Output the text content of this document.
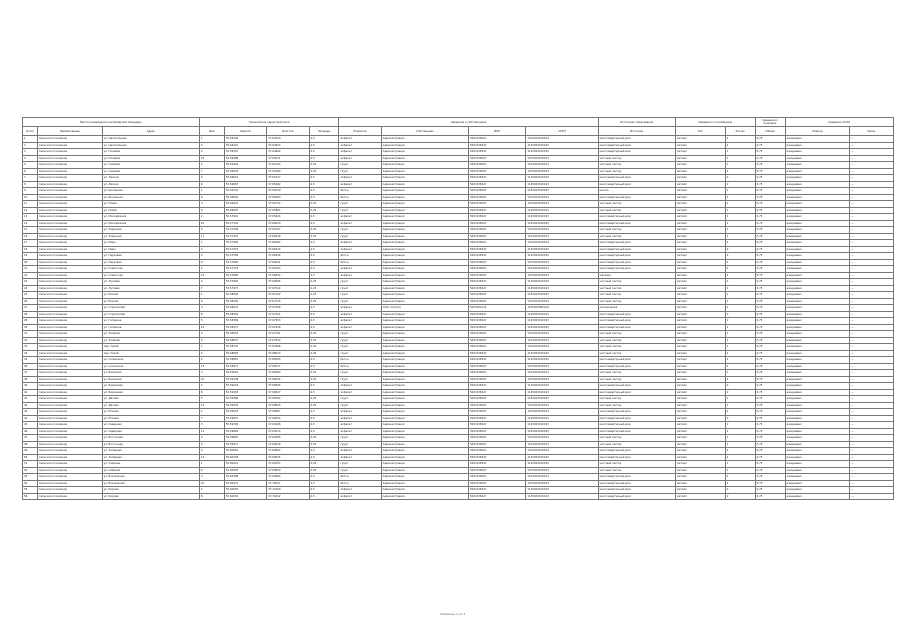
Место размещения контейнерной площадки			Технические характеристики				Сведения о собственнике				Источники образования	Сведения о контейнерах		Сведения о бункерах	Сведения об ЕО	
№ п/п	Наименование	Адрес	Дом	Широта	Долгота	Площадь	Покрытие	Собственник	ИНН	ОГРН	Источник	Тип	Кол-во	Объём	Период	Прим.
1	Сельское поселение	ул. Центральная	1	55.56125	37.64720	4,5	асфальт	Администрация	5003138447	1125003010193	многоквартирный дом	металл	2	0,75	ежедневно	—
2	Сельское поселение	ул. Центральная	3	55.56210	37.64813	4,5	асфальт	Администрация	5003138447	1125003010193	многоквартирный дом	металл	2	0,75	ежедневно	—
3	Сельское поселение	ул. Полевая	5	55.56307	37.64902	4,5	асфальт	Администрация	5003138447	1125003010193	многоквартирный дом	металл	1	0,75	ежедневно	—
4	Сельское поселение	ул. Полевая	12	55.56388	37.65011	4,5	асфальт	Администрация	5003138447	1125003010193	частный сектор	металл	1	0,75	ежедневно	—
5	Сельское поселение	ул. Садовая	2	55.56444	37.65124	2,25	грунт	Администрация	5003138447	1125003010193	частный сектор	металл	1	0,75	ежедневно	—
6	Сельское поселение	ул. Садовая	7	55.56519	37.65208	2,25	грунт	Администрация	5003138447	1125003010193	частный сектор	металл	1	0,75	ежедневно	—
7	Сельское поселение	ул. Лесная	4	55.56601	37.65317	4,5	асфальт	Администрация	5003138447	1125003010193	многоквартирный дом	металл	2	0,75	ежедневно	—
8	Сельское поселение	ул. Лесная	9	55.56687	37.65402	4,5	асфальт	Администрация	5003138447	1125003010193	многоквартирный дом	металл	2	0,75	ежедневно	—
9	Сельское поселение	ул. Школьная	1	55.56742	37.65519	4,5	бетон	Администрация	5003138447	1125003010193	школа	металл	1	0,75	ежедневно	—
10	Сельское поселение	ул. Школьная	6	55.56826	37.65603	4,5	бетон	Администрация	5003138447	1125003010193	многоквартирный дом	металл	2	0,75	ежедневно	—
11	Сельское поселение	ул. Новая	3	55.56914	37.65712	2,25	грунт	Администрация	5003138447	1125003010193	частный сектор	металл	1	0,75	ежедневно	—
12	Сельское поселение	ул. Новая	8	55.56997	37.65801	2,25	грунт	Администрация	5003138447	1125003010193	частный сектор	металл	1	0,75	ежедневно	—
13	Сельское поселение	ул. Молодёжная	2	55.57061	37.65924	4,5	асфальт	Администрация	5003138447	1125003010193	многоквартирный дом	металл	2	0,75	ежедневно	—
14	Сельское поселение	ул. Молодёжная	10	55.57142	37.66013	4,5	асфальт	Администрация	5003138447	1125003010193	многоквартирный дом	металл	2	0,75	ежедневно	—
15	Сельское поселение	ул. Заречная	5	55.57228	37.66107	2,25	грунт	Администрация	5003138447	1125003010193	частный сектор	металл	1	0,75	ежедневно	—
16	Сельское поселение	ул. Заречная	11	55.57310	37.66218	2,25	грунт	Администрация	5003138447	1125003010193	частный сектор	металл	1	0,75	ежедневно	—
17	Сельское поселение	ул. Мира	1	55.57395	37.66302	4,5	асфальт	Администрация	5003138447	1125003010193	многоквартирный дом	металл	2	0,75	ежедневно	—
18	Сельское поселение	ул. Мира	4	55.57473	37.66415	4,5	асфальт	Администрация	5003138447	1125003010193	многоквартирный дом	металл	2	0,75	ежедневно	—
19	Сельское поселение	ул. Парковая	3	55.57558	37.66506	4,5	бетон	Администрация	5003138447	1125003010193	многоквартирный дом	металл	2	0,75	ежедневно	—
20	Сельское поселение	ул. Парковая	9	55.57640	37.66611	4,5	бетон	Администрация	5003138447	1125003010193	многоквартирный дом	металл	2	0,75	ежедневно	—
21	Сельское поселение	ул. Советская	2	55.57723	37.66704	4,5	асфальт	Администрация	5003138447	1125003010193	многоквартирный дом	металл	2	0,75	ежедневно	—
22	Сельское поселение	ул. Советская	15	55.57806	37.66812	4,5	асфальт	Администрация	5003138447	1125003010193	магазин	металл	1	0,75	ежедневно	—
23	Сельское поселение	ул. Луговая	4	55.57892	37.66905	2,25	грунт	Администрация	5003138447	1125003010193	частный сектор	металл	1	0,75	ежедневно	—
24	Сельское поселение	ул. Луговая	7	55.57973	37.67014	2,25	грунт	Администрация	5003138447	1125003010193	частный сектор	металл	1	0,75	ежедневно	—
25	Сельское поселение	ул. Речная	1	55.58056	37.67102	2,25	грунт	Администрация	5003138447	1125003010193	частный сектор	металл	1	0,75	ежедневно	—
26	Сельское поселение	ул. Речная	6	55.58140	37.67215	2,25	грунт	Администрация	5003138447	1125003010193	частный сектор	металл	1	0,75	ежедневно	—
27	Сельское поселение	ул. Строителей	3	55.58221	37.67308	4,5	асфальт	ООО «Строй»	5003104115	1135003005410	организация	металл	1	0,75	ежедневно	—
28	Сельское поселение	ул. Строителей	8	55.58304	37.67411	4,5	асфальт	Администрация	5003138447	1125003010193	многоквартирный дом	металл	2	0,75	ежедневно	—
29	Сельское поселение	ул. Гагарина	5	55.58389	37.67503	4,5	асфальт	Администрация	5003138447	1125003010193	многоквартирный дом	металл	2	0,75	ежедневно	—
30	Сельское поселение	ул. Гагарина	12	55.58471	37.67618	4,5	асфальт	Администрация	5003138447	1125003010193	многоквартирный дом	металл	2	0,75	ежедневно	—
31	Сельское поселение	ул. Зелёная	2	55.58553	37.67701	2,25	грунт	Администрация	5003138447	1125003010193	частный сектор	металл	1	0,75	ежедневно	—
32	Сельское поселение	ул. Зелёная	9	55.58637	37.67814	2,25	грунт	Администрация	5003138447	1125003010193	частный сектор	металл	1	0,75	ежедневно	—
33	Сельское поселение	пер. Тихий	1	55.58722	37.67906	2,25	грунт	Администрация	5003138447	1125003010193	частный сектор	металл	1	0,75	ежедневно	—
34	Сельское поселение	пер. Тихий	4	55.58804	37.68013	2,25	грунт	Администрация	5003138447	1125003010193	частный сектор	металл	1	0,75	ежедневно	—
35	Сельское поселение	ул. Солнечная	6	55.58887	37.68105	4,5	бетон	Администрация	5003138447	1125003010193	многоквартирный дом	металл	2	0,75	ежедневно	—
36	Сельское поселение	ул. Солнечная	13	55.58971	37.68217	4,5	бетон	Администрация	5003138447	1125003010193	многоквартирный дом	металл	2	0,75	ежедневно	—
37	Сельское поселение	ул. Весенняя	3	55.59052	37.68309	2,25	грунт	Администрация	5003138447	1125003010193	частный сектор	металл	1	0,75	ежедневно	—
38	Сельское поселение	ул. Весенняя	10	55.59138	37.68412	2,25	грунт	Администрация	5003138447	1125003010193	частный сектор	металл	1	0,75	ежедневно	—
39	Сельское поселение	ул. Березовая	2	55.59219	37.68504	4,5	асфальт	Администрация	5003138447	1125003010193	многоквартирный дом	металл	2	0,75	ежедневно	—
40	Сельское поселение	ул. Березовая	8	55.59303	37.68617	4,5	асфальт	Администрация	5003138447	1125003010193	многоквартирный дом	металл	2	0,75	ежедневно	—
41	Сельское поселение	ул. Дачная	5	55.59386	37.68702	2,25	грунт	Администрация	5003138447	1125003010193	частный сектор	металл	1	0,75	ежедневно	—
42	Сельское поселение	ул. Дачная	14	55.59470	37.68815	2,25	грунт	Администрация	5003138447	1125003010193	частный сектор	металл	1	0,75	ежедневно	—
43	Сельское поселение	ул. Южная	1	55.59553	37.68907	4,5	асфальт	Администрация	5003138447	1125003010193	многоквартирный дом	металл	2	0,75	ежедневно	—
44	Сельское поселение	ул. Южная	7	55.59637	37.69014	4,5	асфальт	Администрация	5003138447	1125003010193	многоквартирный дом	металл	2	0,75	ежедневно	—
45	Сельское поселение	ул. Северная	3	55.59720	37.69106	4,5	асфальт	Администрация	5003138447	1125003010193	многоквартирный дом	металл	2	0,75	ежедневно	—
46	Сельское поселение	ул. Северная	11	55.59804	37.69213	4,5	асфальт	Администрация	5003138447	1125003010193	многоквартирный дом	металл	2	0,75	ежедневно	—
47	Сельское поселение	ул. Восточная	2	55.59887	37.69305	2,25	грунт	Администрация	5003138447	1125003010193	частный сектор	металл	1	0,75	ежедневно	—
48	Сельское поселение	ул. Восточная	9	55.59971	37.69418	2,25	грунт	Администрация	5003138447	1125003010193	частный сектор	металл	1	0,75	ежедневно	—
49	Сельское поселение	ул. Западная	4	55.60054	37.69502	4,5	асфальт	Администрация	5003138447	1125003010193	многоквартирный дом	металл	2	0,75	ежедневно	—
50	Сельское поселение	ул. Западная	12	55.60138	37.69615	4,5	асфальт	Администрация	5003138447	1125003010193	многоквартирный дом	металл	2	0,75	ежедневно	—
51	Сельское поселение	ул. Озёрная	1	55.60221	37.69707	2,25	грунт	Администрация	5003138447	1125003010193	частный сектор	металл	1	0,75	ежедневно	—
52	Сельское поселение	ул. Озёрная	6	55.60305	37.69810	2,25	грунт	Администрация	5003138447	1125003010193	частный сектор	металл	1	0,75	ежедневно	—
53	Сельское поселение	ул. Вокзальная	3	55.60388	37.69904	4,5	бетон	Администрация	5003138447	1125003010193	многоквартирный дом	металл	2	0,75	ежедневно	—
54	Сельское поселение	ул. Вокзальная	10	55.60472	37.70017	4,5	бетон	Администрация	5003138447	1125003010193	многоквартирный дом	металл	2	0,75	ежедневно	—
55	Сельское поселение	ул. Кирова	2	55.60555	37.70109	4,5	асфальт	Администрация	5003138447	1125003010193	многоквартирный дом	металл	2	0,75	ежедневно	—
56	Сельское поселение	ул. Кирова	8	55.60639	37.70212	4,5	асфальт	Администрация	5003138447	1125003010193	многоквартирный дом	металл	2	0,75	ежедневно	—
Страница 1 из 1
